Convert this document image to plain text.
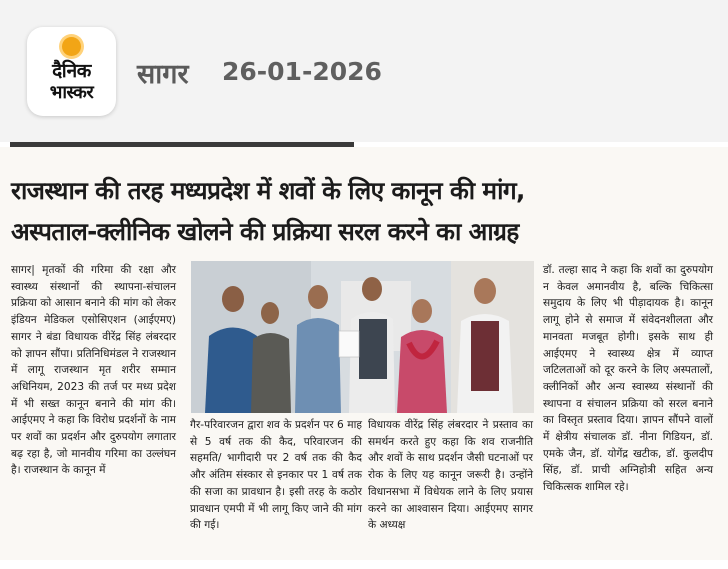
दैनिक
भास्कर
सागर 26-01-2026
राजस्थान की तरह मध्यप्रदेश में शवों के लिए कानून की मांग,
अस्पताल-क्लीनिक खोलने की प्रक्रिया सरल करने का आग्रह
सागर| मृतकों की गरिमा की रक्षा और स्वास्थ्य संस्थानों की स्थापना-संचालन प्रक्रिया को आसान बनाने की मांग को लेकर इंडियन मेडिकल एसोसिएशन (आईएमए) सागर ने बंडा विधायक वीरेंद्र सिंह लंबरदार को ज्ञापन सौंपा। प्रतिनिधिमंडल ने राजस्थान में लागू राजस्थान मृत शरीर सम्मान अधिनियम, 2023 की तर्ज पर मध्य प्रदेश में भी सख्त कानून बनाने की मांग की। आईएमए ने कहा कि विरोध प्रदर्शनों के नाम पर शवों का प्रदर्शन और दुरुपयोग लगातार बढ़ रहा है, जो मानवीय गरिमा का उल्लंघन है। राजस्थान के कानून में
गैर-परिवारजन द्वारा शव के प्रदर्शन पर 6 माह से 5 वर्ष तक की कैद, परिवारजन की सहमति/ भागीदारी पर 2 वर्ष तक की कैद और अंतिम संस्कार से इनकार पर 1 वर्ष तक की सजा का प्रावधान है। इसी तरह के कठोर प्रावधान एमपी में भी लागू किए जाने की मांग की गई।
विधायक वीरेंद्र सिंह लंबरदार ने प्रस्ताव का समर्थन करते हुए कहा कि शव राजनीति और शवों के साथ प्रदर्शन जैसी घटनाओं पर रोक के लिए यह कानून जरूरी है। उन्होंने विधानसभा में विधेयक लाने के लिए प्रयास करने का आश्वासन दिया। आईएमए सागर के अध्यक्ष
डॉ. तल्हा साद ने कहा कि शवों का दुरुपयोग न केवल अमानवीय है, बल्कि चिकित्सा समुदाय के लिए भी पीड़ादायक है। कानून लागू होने से समाज में संवेदनशीलता और मानवता मजबूत होगी। इसके साथ ही आईएमए ने स्वास्थ्य क्षेत्र में व्याप्त जटिलताओं को दूर करने के लिए अस्पतालों, क्लीनिकों और अन्य स्वास्थ्य संस्थानों की स्थापना व संचालन प्रक्रिया को सरल बनाने का विस्तृत प्रस्ताव दिया। ज्ञापन सौंपने वालों में क्षेत्रीय संचालक डॉ. नीना गिडियन, डॉ. एमके जैन, डॉ. योगेंद्र खटीक, डॉ. कुलदीप सिंह, डॉ. प्राची अग्निहोत्री सहित अन्य चिकित्सक शामिल रहे।
